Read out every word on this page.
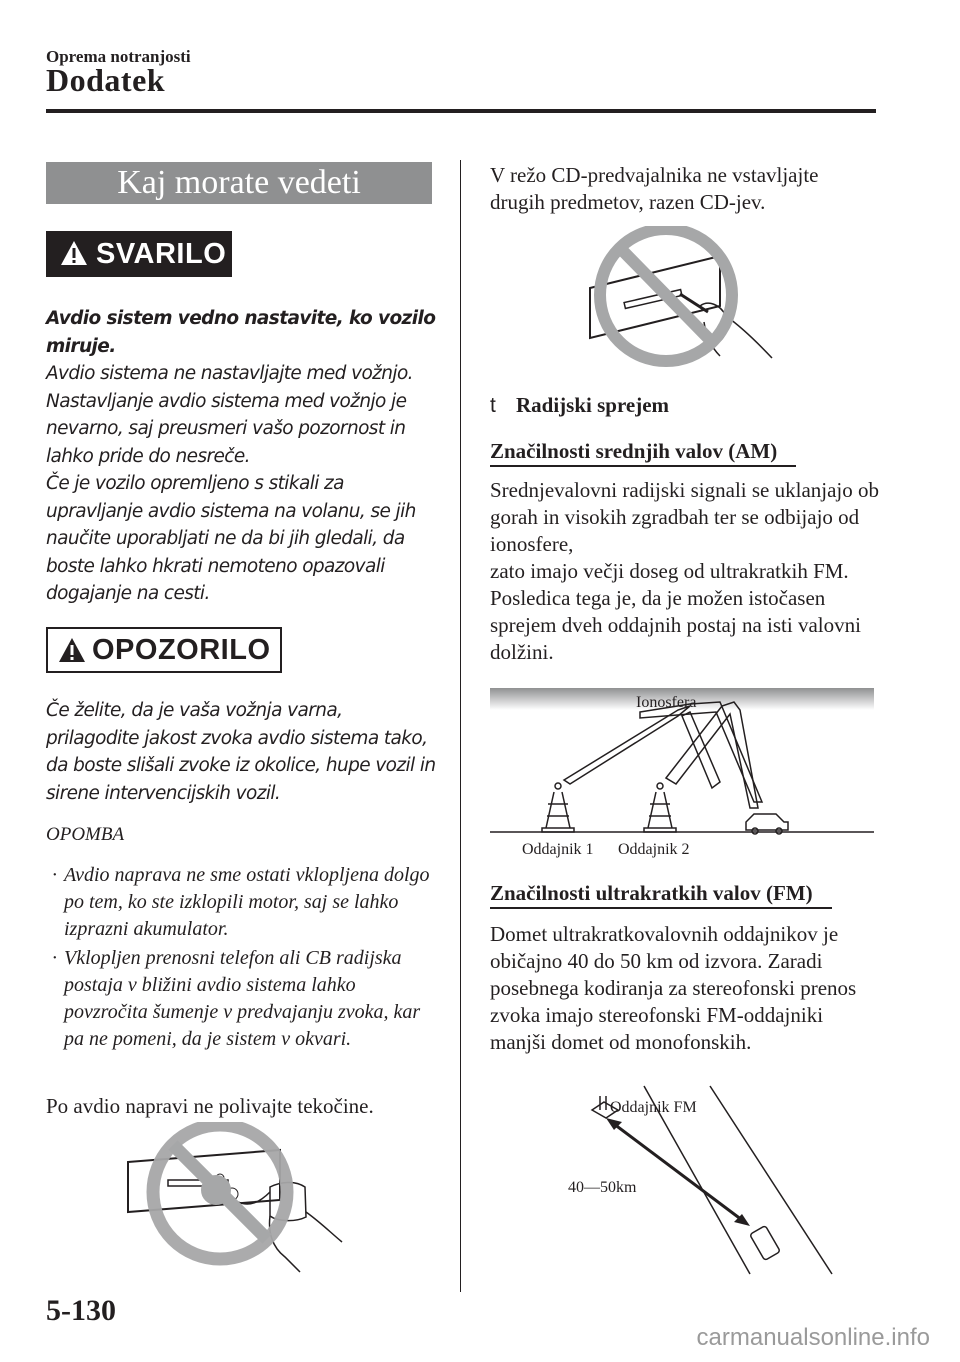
Oprema notranjosti
Dodatek
Kaj morate vedeti
SVARILO

Avdio sistem vedno nastavite, ko vozilo miruje.

Avdio sistema ne nastavljajte med vožnjo. Nastavljanje avdio sistema med vožnjo je nevarno, saj preusmeri vašo pozornost in lahko pride do nesreče.

Če je vozilo opremljeno s stikali za upravljanje avdio sistema na volanu, se jih naučite uporabljati ne da bi jih gledali, da boste lahko hkrati nemoteno opazovali dogajanje na cesti.

OPOZORILO

Če želite, da je vaša vožnja varna, prilagodite jakost zvoka avdio sistema tako, da boste slišali zvoke iz okolice, hupe vozil in sirene intervencijskih vozil.

OPOMBA
· Avdio naprava ne sme ostati vklopljena dolgo po tem, ko ste izklopili motor, saj se lahko izprazni akumulator.
· Vklopljen prenosni telefon ali CB radijska postaja v bližini avdio sistema lahko povzročita šumenje v predvajanju zvoka, kar pa ne pomeni, da je sistem v okvari.
Po avdio napravi ne polivajte tekočine.
V režo CD-predvajalnika ne vstavljajte drugih predmetov, razen CD-jev.
t Radijski sprejem
Značilnosti srednjih valov (AM)

Srednjevalovni radijski signali se uklanjajo ob gorah in visokih zgradbah ter se odbijajo od ionosfere,

zato imajo večji doseg od ultrakratkih FM. Posledica tega je, da je možen istočasen sprejem dveh oddajnih postaj na isti valovni dolžini.

Ionosfera
Oddajnik 1 Oddajnik 2
Značilnosti ultrakratkih valov (FM)
Domet ultrakratkovalovnih oddajnikov je običajno 40 do 50 km od izvora. Zaradi posebnega kodiranja za stereofonski prenos zvoka imajo stereofonski FM-oddajniki manjši domet od monofonskih.
Oddajnik FM
40—50km
5-130
carmanualsonline.info
